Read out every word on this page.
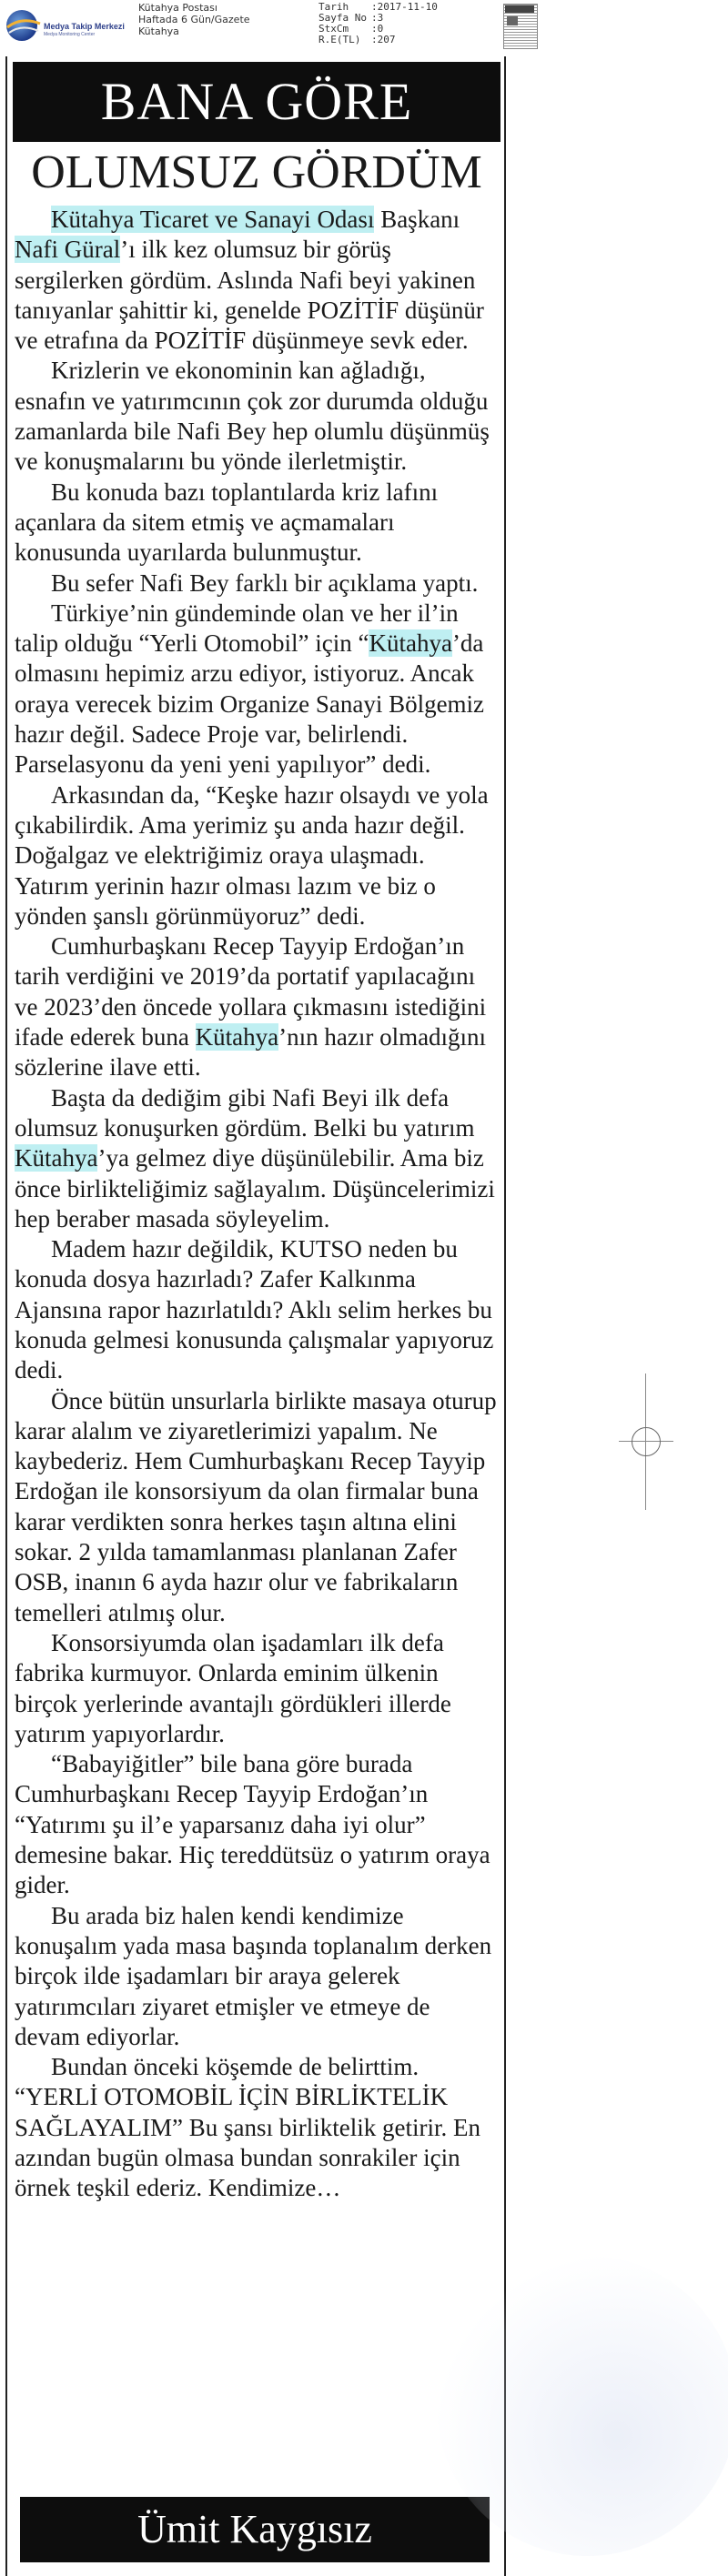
Medya Takip Merkezi
Medya Monitoring Center
Kütahya Postası
Haftada 6 Gün/Gazete
Kütahya
Tarih	:2017-11-10
Sayfa No :3
StxCm	:0
R.E(TL)	:207
BANA GÖRE
OLUMSUZ GÖRDÜM

Kütahya Ticaret ve Sanayi Odası Başkanı Nafi Güral’ı ilk kez olumsuz bir görüş sergilerken gördüm. Aslında Nafi beyi yakinen tanıyanlar şahittir ki, genelde POZİTİF düşünür ve etrafına da POZİTİF düşünmeye sevk eder.

Krizlerin ve ekonominin kan ağladığı, esnafın ve yatırımcının çok zor durumda olduğu zamanlarda bile Nafi Bey hep olumlu düşünmüş ve konuşmalarını bu yönde ilerletmiştir.

Bu konuda bazı toplantılarda kriz lafını açanlara da sitem etmiş ve açmamaları konusunda uyarılarda bulunmuştur.

Bu sefer Nafi Bey farklı bir açıklama yaptı.

Türkiye’nin gündeminde olan ve her il’in talip olduğu “Yerli Otomobil” için “Kütahya’da olmasını hepimiz arzu ediyor, istiyoruz. Ancak oraya verecek bizim Organize Sanayi Bölgemiz hazır değil. Sadece Proje var, belirlendi. Parselasyonu da yeni yeni yapılıyor” dedi.

Arkasından da, “Keşke hazır olsaydı ve yola çıkabilirdik. Ama yerimiz şu anda hazır değil. Doğalgaz ve elektriğimiz oraya ulaşmadı. Yatırım yerinin hazır olması lazım ve biz o yönden şanslı görünmüyoruz” dedi.

Cumhurbaşkanı Recep Tayyip Erdoğan’ın tarih verdiğini ve 2019’da portatif yapılacağını ve 2023’den öncede yollara çıkmasını istediğini ifade ederek buna Kütahya’nın hazır olmadığını sözlerine ilave etti.

Başta da dediğim gibi Nafi Beyi ilk defa olumsuz konuşurken gördüm. Belki bu yatırım Kütahya’ya gelmez diye düşünülebilir. Ama biz önce birlikteliğimiz sağlayalım. Düşüncelerimizi hep beraber masada söyleyelim.

Madem hazır değildik, KUTSO neden bu konuda dosya hazırladı? Zafer Kalkınma Ajansına rapor hazırlatıldı? Aklı selim herkes bu konuda gelmesi konusunda çalışmalar yapıyoruz dedi.

Önce bütün unsurlarla birlikte masaya oturup karar alalım ve ziyaretlerimizi yapalım. Ne kaybederiz. Hem Cumhurbaşkanı Recep Tayyip Erdoğan ile konsorsiyum da olan firmalar buna karar verdikten sonra herkes taşın altına elini sokar. 2 yılda tamamlanması planlanan Zafer OSB, inanın 6 ayda hazır olur ve fabrikaların temelleri atılmış olur.

Konsorsiyumda olan işadamları ilk defa fabrika kurmuyor. Onlarda eminim ülkenin birçok yerlerinde avantajlı gördükleri illerde yatırım yapıyorlardır.

“Babayiğitler” bile bana göre burada Cumhurbaşkanı Recep Tayyip Erdoğan’ın “Yatırımı şu il’e yaparsanız daha iyi olur” demesine bakar. Hiç tereddütsüz o yatırım oraya gider.

Bu arada biz halen kendi kendimize konuşalım yada masa başında toplanalım derken birçok ilde işadamları bir araya gelerek yatırımcıları ziyaret etmişler ve etmeye de devam ediyorlar.

Bundan önceki köşemde de belirttim. “YERLİ OTOMOBİL İÇİN BİRLİKTELİK SAĞLAYALIM” Bu şansı birliktelik getirir. En azından bugün olmasa bundan sonrakiler için örnek teşkil ederiz. Kendimize…

Ümit Kaygısız
